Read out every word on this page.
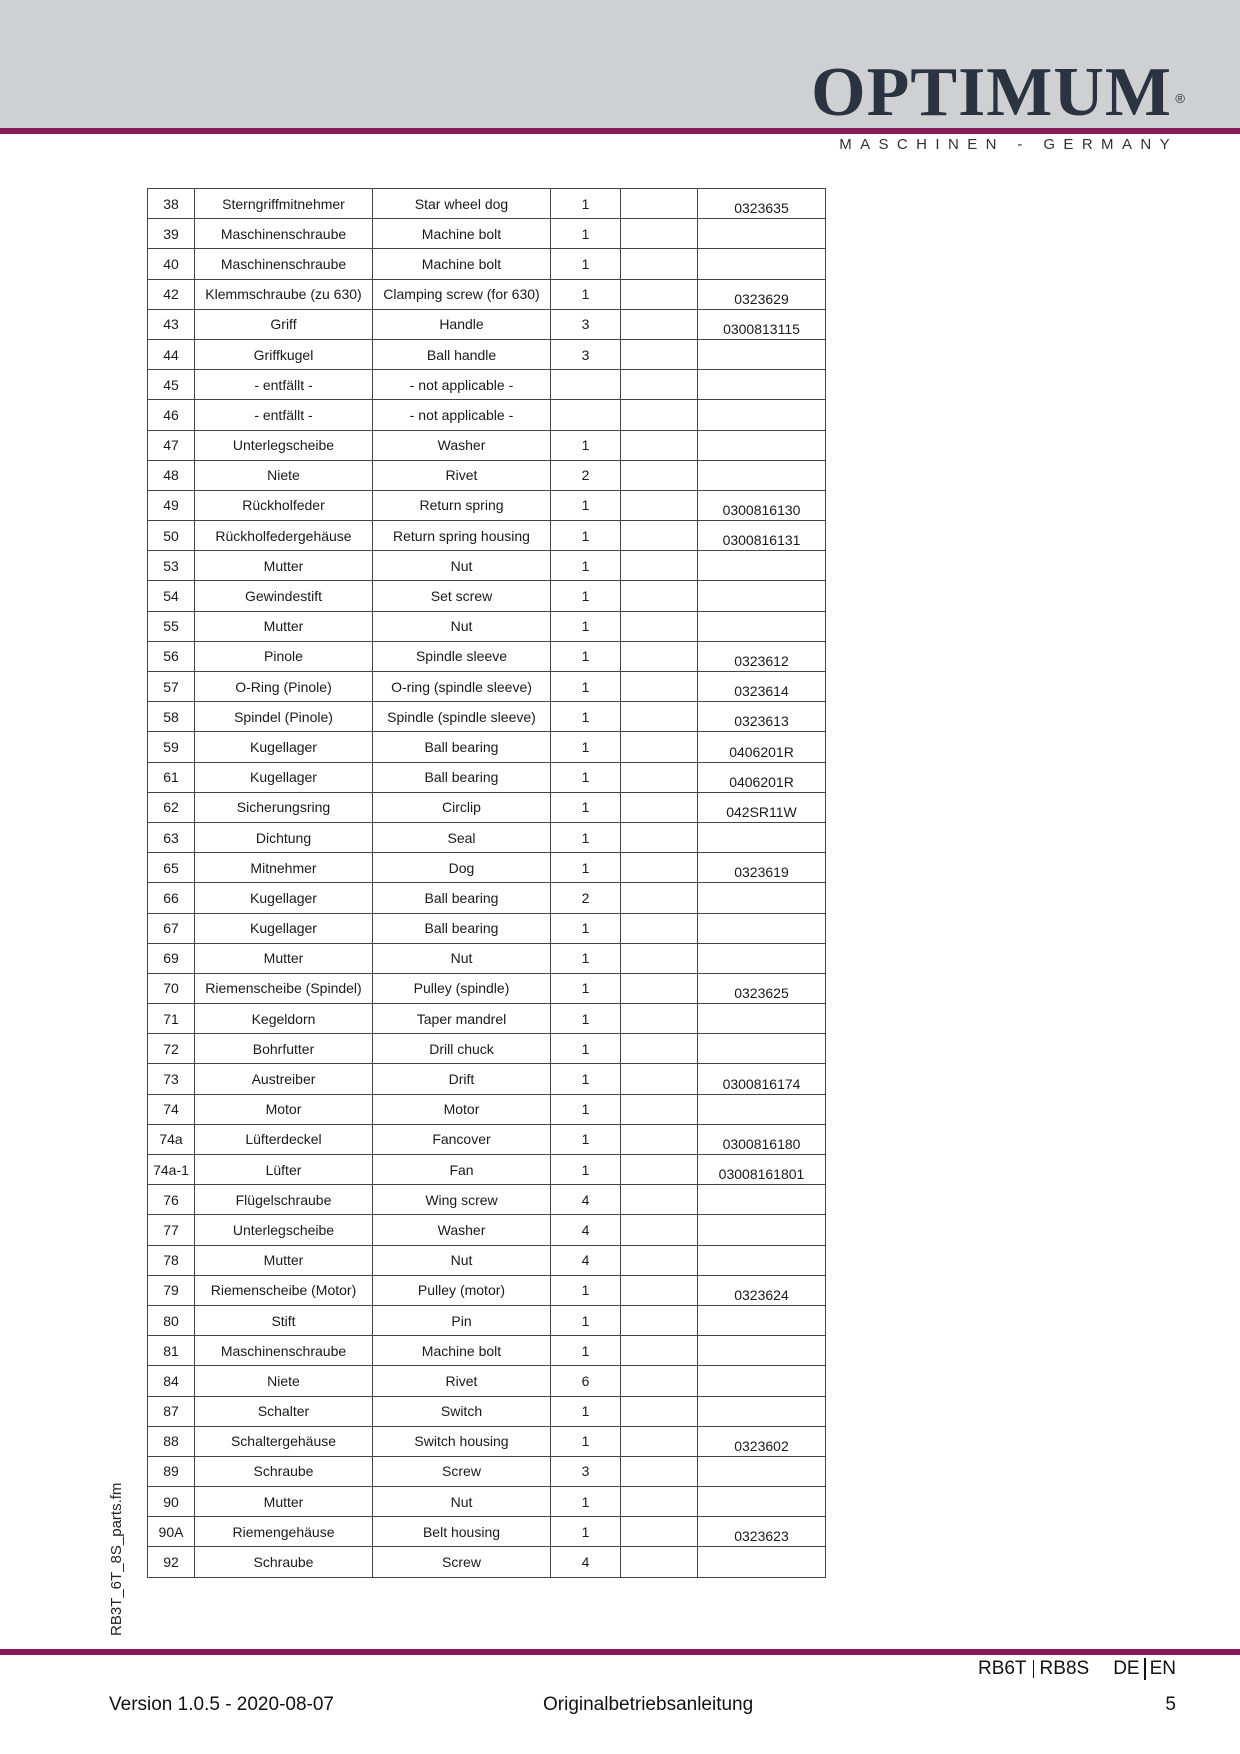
OPTIMUM ®
MASCHINEN - GERMANY
RB3T_6T_8S_parts.fm
38	Sterngriffmitnehmer	Star wheel dog	1		0323635
39	Maschinenschraube	Machine bolt	1		
40	Maschinenschraube	Machine bolt	1		
42	Klemmschraube (zu 630)	Clamping screw (for 630)	1		0323629
43	Griff	Handle	3		0300813115
44	Griffkugel	Ball handle	3		
45	- entfällt -	- not applicable -			
46	- entfällt -	- not applicable -			
47	Unterlegscheibe	Washer	1		
48	Niete	Rivet	2		
49	Rückholfeder	Return spring	1		0300816130
50	Rückholfedergehäuse	Return spring housing	1		0300816131
53	Mutter	Nut	1		
54	Gewindestift	Set screw	1		
55	Mutter	Nut	1		
56	Pinole	Spindle sleeve	1		0323612
57	O-Ring (Pinole)	O-ring (spindle sleeve)	1		0323614
58	Spindel (Pinole)	Spindle (spindle sleeve)	1		0323613
59	Kugellager	Ball bearing	1		0406201R
61	Kugellager	Ball bearing	1		0406201R
62	Sicherungsring	Circlip	1		042SR11W
63	Dichtung	Seal	1		
65	Mitnehmer	Dog	1		0323619
66	Kugellager	Ball bearing	2		
67	Kugellager	Ball bearing	1		
69	Mutter	Nut	1		
70	Riemenscheibe (Spindel)	Pulley (spindle)	1		0323625
71	Kegeldorn	Taper mandrel	1		
72	Bohrfutter	Drill chuck	1		
73	Austreiber	Drift	1		0300816174
74	Motor	Motor	1		
74a	Lüfterdeckel	Fancover	1		0300816180
74a-1	Lüfter	Fan	1		03008161801
76	Flügelschraube	Wing screw	4		
77	Unterlegscheibe	Washer	4		
78	Mutter	Nut	4		
79	Riemenscheibe (Motor)	Pulley (motor)	1		0323624
80	Stift	Pin	1		
81	Maschinenschraube	Machine bolt	1		
84	Niete	Rivet	6		
87	Schalter	Switch	1		
88	Schaltergehäuse	Switch housing	1		0323602
89	Schraube	Screw	3		
90	Mutter	Nut	1		
90A	Riemengehäuse	Belt housing	1		0323623
92	Schraube	Screw	4		
RB6T RB8S DE EN
Version 1.0.5 - 2020-08-07	Originalbetriebsanleitung	5
